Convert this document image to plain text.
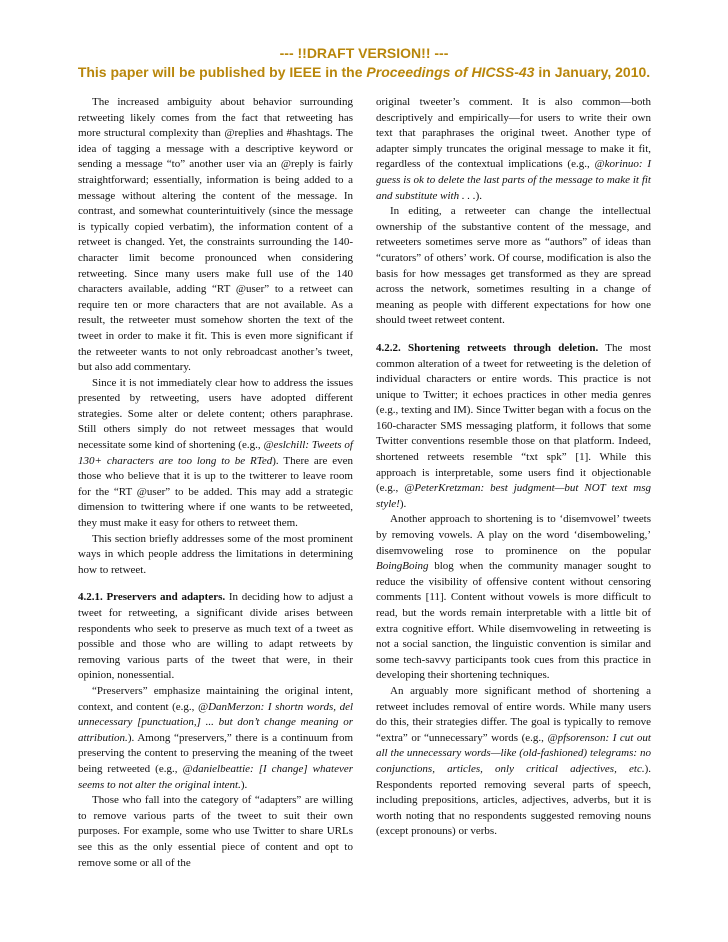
--- !!DRAFT VERSION!! ---
This paper will be published by IEEE in the Proceedings of HICSS-43 in January, 2010.

The increased ambiguity about behavior surrounding retweeting likely comes from the fact that retweeting has more structural complexity than @replies and #hashtags. The idea of tagging a message with a descriptive keyword or sending a message “to” another user via an @reply is fairly straightforward; essentially, information is being added to a message without altering the content of the message. In contrast, and somewhat counterintuitively (since the message is typically copied verbatim), the information content of a retweet is changed. Yet, the constraints surrounding the 140-character limit become pronounced when considering retweeting. Since many users make full use of the 140 characters available, adding “RT @user” to a retweet can require ten or more characters that are not available. As a result, the retweeter must somehow shorten the text of the tweet in order to make it fit. This is even more significant if the retweeter wants to not only rebroadcast another’s tweet, but also add commentary.

Since it is not immediately clear how to address the issues presented by retweeting, users have adopted different strategies. Some alter or delete content; others paraphrase. Still others simply do not retweet messages that would necessitate some kind of shortening (e.g., @eslchill: Tweets of 130+ characters are too long to be RTed). There are even those who believe that it is up to the twitterer to leave room for the “RT @user” to be added. This may add a strategic dimension to twittering where if one wants to be retweeted, they must make it easy for others to retweet them.

This section briefly addresses some of the most prominent ways in which people address the limitations in determining how to retweet.

4.2.1. Preservers and adapters. In deciding how to adjust a tweet for retweeting, a significant divide arises between respondents who seek to preserve as much text of a tweet as possible and those who are willing to adapt retweets by removing various parts of the tweet that were, in their opinion, nonessential.

“Preservers” emphasize maintaining the original intent, context, and content (e.g., @DanMerzon: I shortn words, del unnecessary [punctuation,] ... but don’t change meaning or attribution.). Among “preservers,” there is a continuum from preserving the content to preserving the meaning of the tweet being retweeted (e.g., @danielbeattie: [I change] whatever seems to not alter the original intent.).

Those who fall into the category of “adapters” are willing to remove various parts of the tweet to suit their own purposes. For example, some who use Twitter to share URLs see this as the only essential piece of content and opt to remove some or all of the

original tweeter’s comment. It is also common—both descriptively and empirically—for users to write their own text that paraphrases the original tweet. Another type of adapter simply truncates the original message to make it fit, regardless of the contextual implications (e.g., @korinuo: I guess is ok to delete the last parts of the message to make it fit and substitute with . . .).

In editing, a retweeter can change the intellectual ownership of the substantive content of the message, and retweeters sometimes serve more as “authors” of ideas than “curators” of others’ work. Of course, modification is also the basis for how messages get transformed as they are spread across the network, sometimes resulting in a change of meaning as people with different expectations for how one should tweet retweet content.

4.2.2. Shortening retweets through deletion. The most common alteration of a tweet for retweeting is the deletion of individual characters or entire words. This practice is not unique to Twitter; it echoes practices in other media genres (e.g., texting and IM). Since Twitter began with a focus on the 160-character SMS messaging platform, it follows that some Twitter conventions resemble those on that platform. Indeed, shortened retweets resemble “txt spk” [1]. While this approach is interpretable, some users find it objectionable (e.g., @PeterKretzman: best judgment—but NOT text msg style!).

Another approach to shortening is to ‘disemvowel’ tweets by removing vowels. A play on the word ‘disemboweling,’ disemvoweling rose to prominence on the popular BoingBoing blog when the community manager sought to reduce the visibility of offensive content without censoring comments [11]. Content without vowels is more difficult to read, but the words remain interpretable with a little bit of extra cognitive effort. While disemvoweling in retweeting is not a social sanction, the linguistic convention is similar and some tech-savvy participants took cues from this practice in developing their shortening techniques.

An arguably more significant method of shortening a retweet includes removal of entire words. While many users do this, their strategies differ. The goal is typically to remove “extra” or “unnecessary” words (e.g., @pfsorenson: I cut out all the unnecessary words—like (old-fashioned) telegrams: no conjunctions, articles, only critical adjectives, etc.). Respondents reported removing several parts of speech, including prepositions, articles, adjectives, adverbs, but it is worth noting that no respondents suggested removing nouns (except pronouns) or verbs.
